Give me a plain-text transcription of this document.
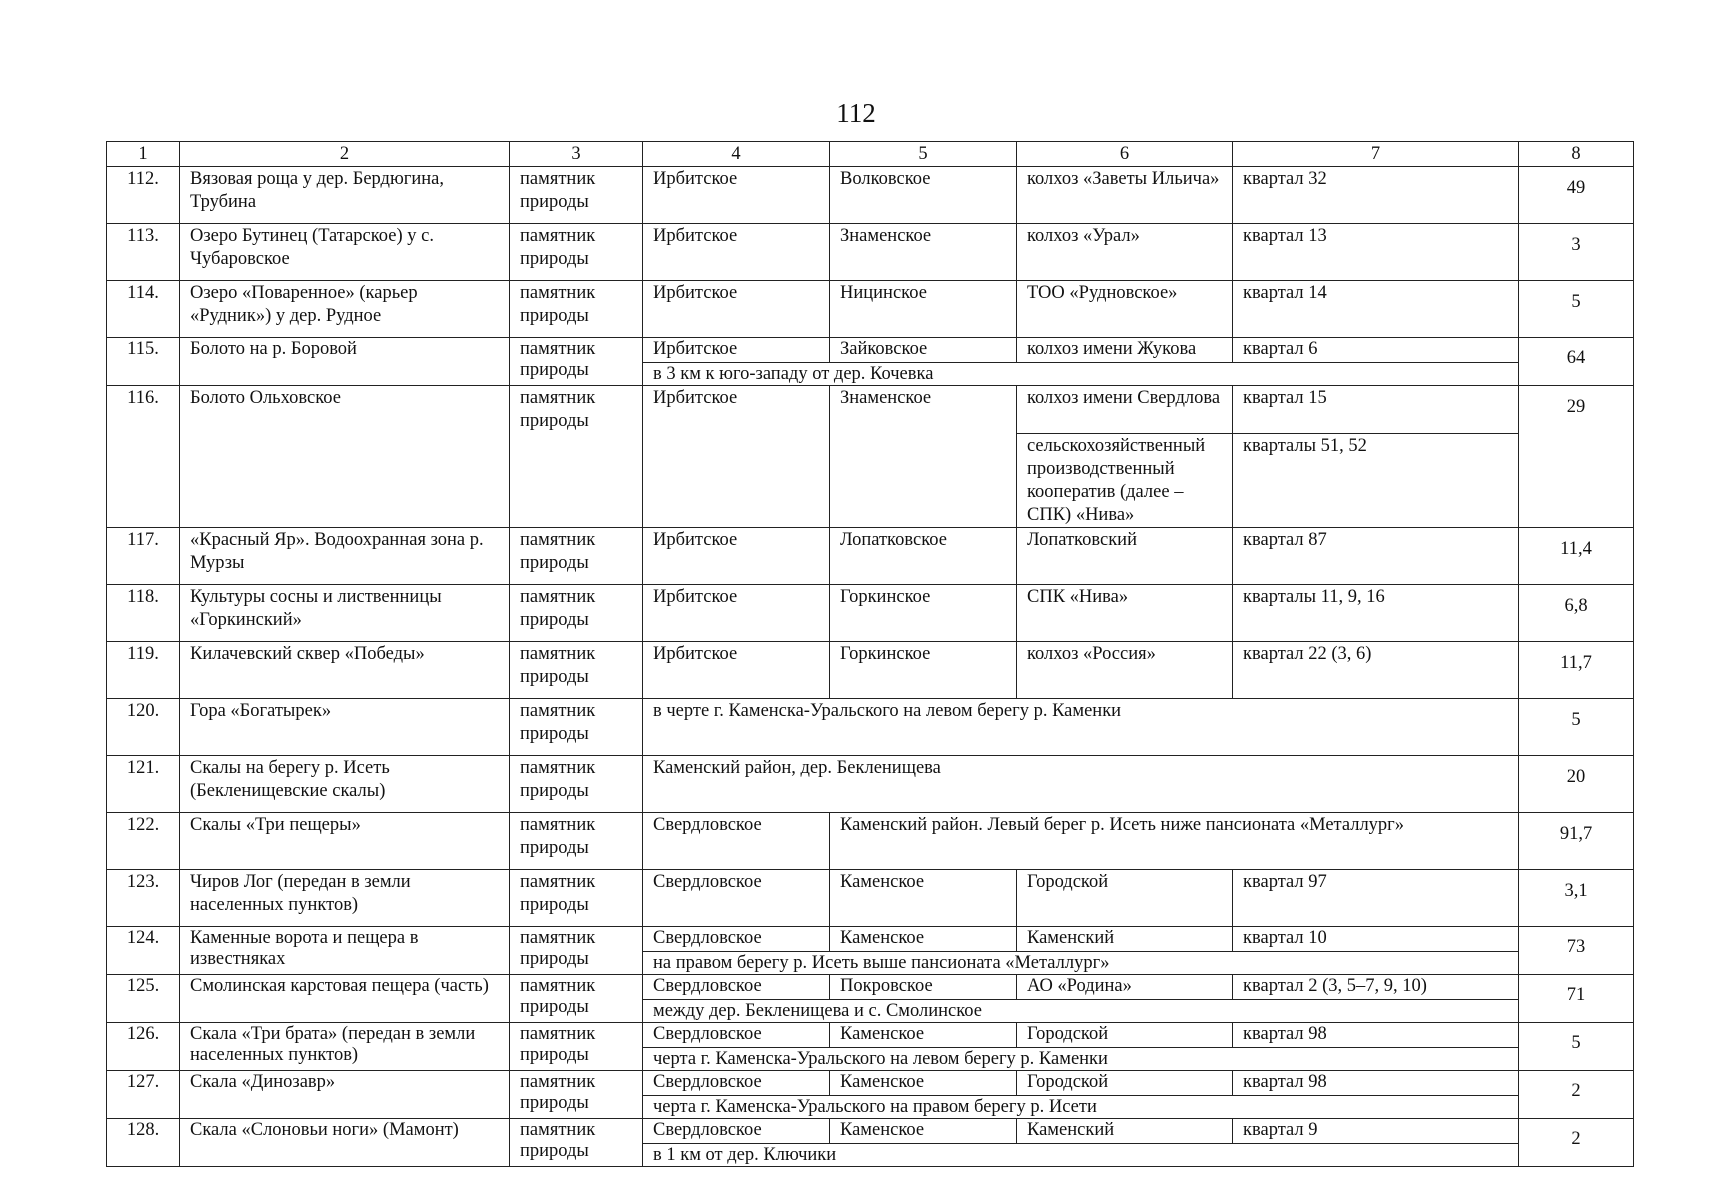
112
1	2	3	4	5	6	7	8
112.	Вязовая роща у дер. Бердюгина, Трубина	памятник природы	Ирбитское	Волковское	колхоз «Заветы Ильича»	квартал 32	49
113.	Озеро Бутинец (Татарское) у с. Чубаровское	памятник природы	Ирбитское	Знаменское	колхоз «Урал»	квартал 13	3
114.	Озеро «Поваренное» (карьер «Рудник») у дер. Рудное	памятник природы	Ирбитское	Ницинское	ТОО «Рудновское»	квартал 14	5
115.	Болото на р. Боровой	памятник природы	Ирбитское	Зайковское	колхоз имени Жукова	квартал 6	64
			в 3 км к юго-западу от дер. Кочевка				
116.	Болото Ольховское	памятник природы	Ирбитское	Знаменское	колхоз имени Свердлова	квартал 15	29
					сельскохозяйственный производственный кооператив (далее – СПК) «Нива»	кварталы 51, 52	
117.	«Красный Яр». Водоохранная зона р. Мурзы	памятник природы	Ирбитское	Лопатковское	Лопатковский	квартал 87	11,4
118.	Культуры сосны и лиственницы «Горкинский»	памятник природы	Ирбитское	Горкинское	СПК «Нива»	кварталы 11, 9, 16	6,8
119.	Килачевский сквер «Победы»	памятник природы	Ирбитское	Горкинское	колхоз «Россия»	квартал 22 (3, 6)	11,7
120.	Гора «Богатырек»	памятник природы	в черте г. Каменска-Уральского на левом берегу р. Каменки				5
121.	Скалы на берегу р. Исеть (Бекленищевские скалы)	памятник природы	Каменский район, дер. Бекленищева				20
122.	Скалы «Три пещеры»	памятник природы	Свердловское	Каменский район. Левый берег р. Исеть ниже пансионата «Металлург»			91,7
123.	Чиров Лог (передан в земли населенных пунктов)	памятник природы	Свердловское	Каменское	Городской	квартал 97	3,1
124.	Каменные ворота и пещера в известняках	памятник природы	Свердловское	Каменское	Каменский	квартал 10	73
			на правом берегу р. Исеть выше пансионата «Металлург»				
125.	Смолинская карстовая пещера (часть)	памятник природы	Свердловское	Покровское	АО «Родина»	квартал 2 (3, 5–7, 9, 10)	71
			между дер. Бекленищева и с. Смолинское				
126.	Скала «Три брата» (передан в земли населенных пунктов)	памятник природы	Свердловское	Каменское	Городской	квартал 98	5
			черта г. Каменска-Уральского на левом берегу р. Каменки				
127.	Скала «Динозавр»	памятник природы	Свердловское	Каменское	Городской	квартал 98	2
			черта г. Каменска-Уральского на правом берегу р. Исети				
128.	Скала «Слоновьи ноги» (Мамонт)	памятник природы	Свердловское	Каменское	Каменский	квартал 9	2
			в 1 км от дер. Ключики				
